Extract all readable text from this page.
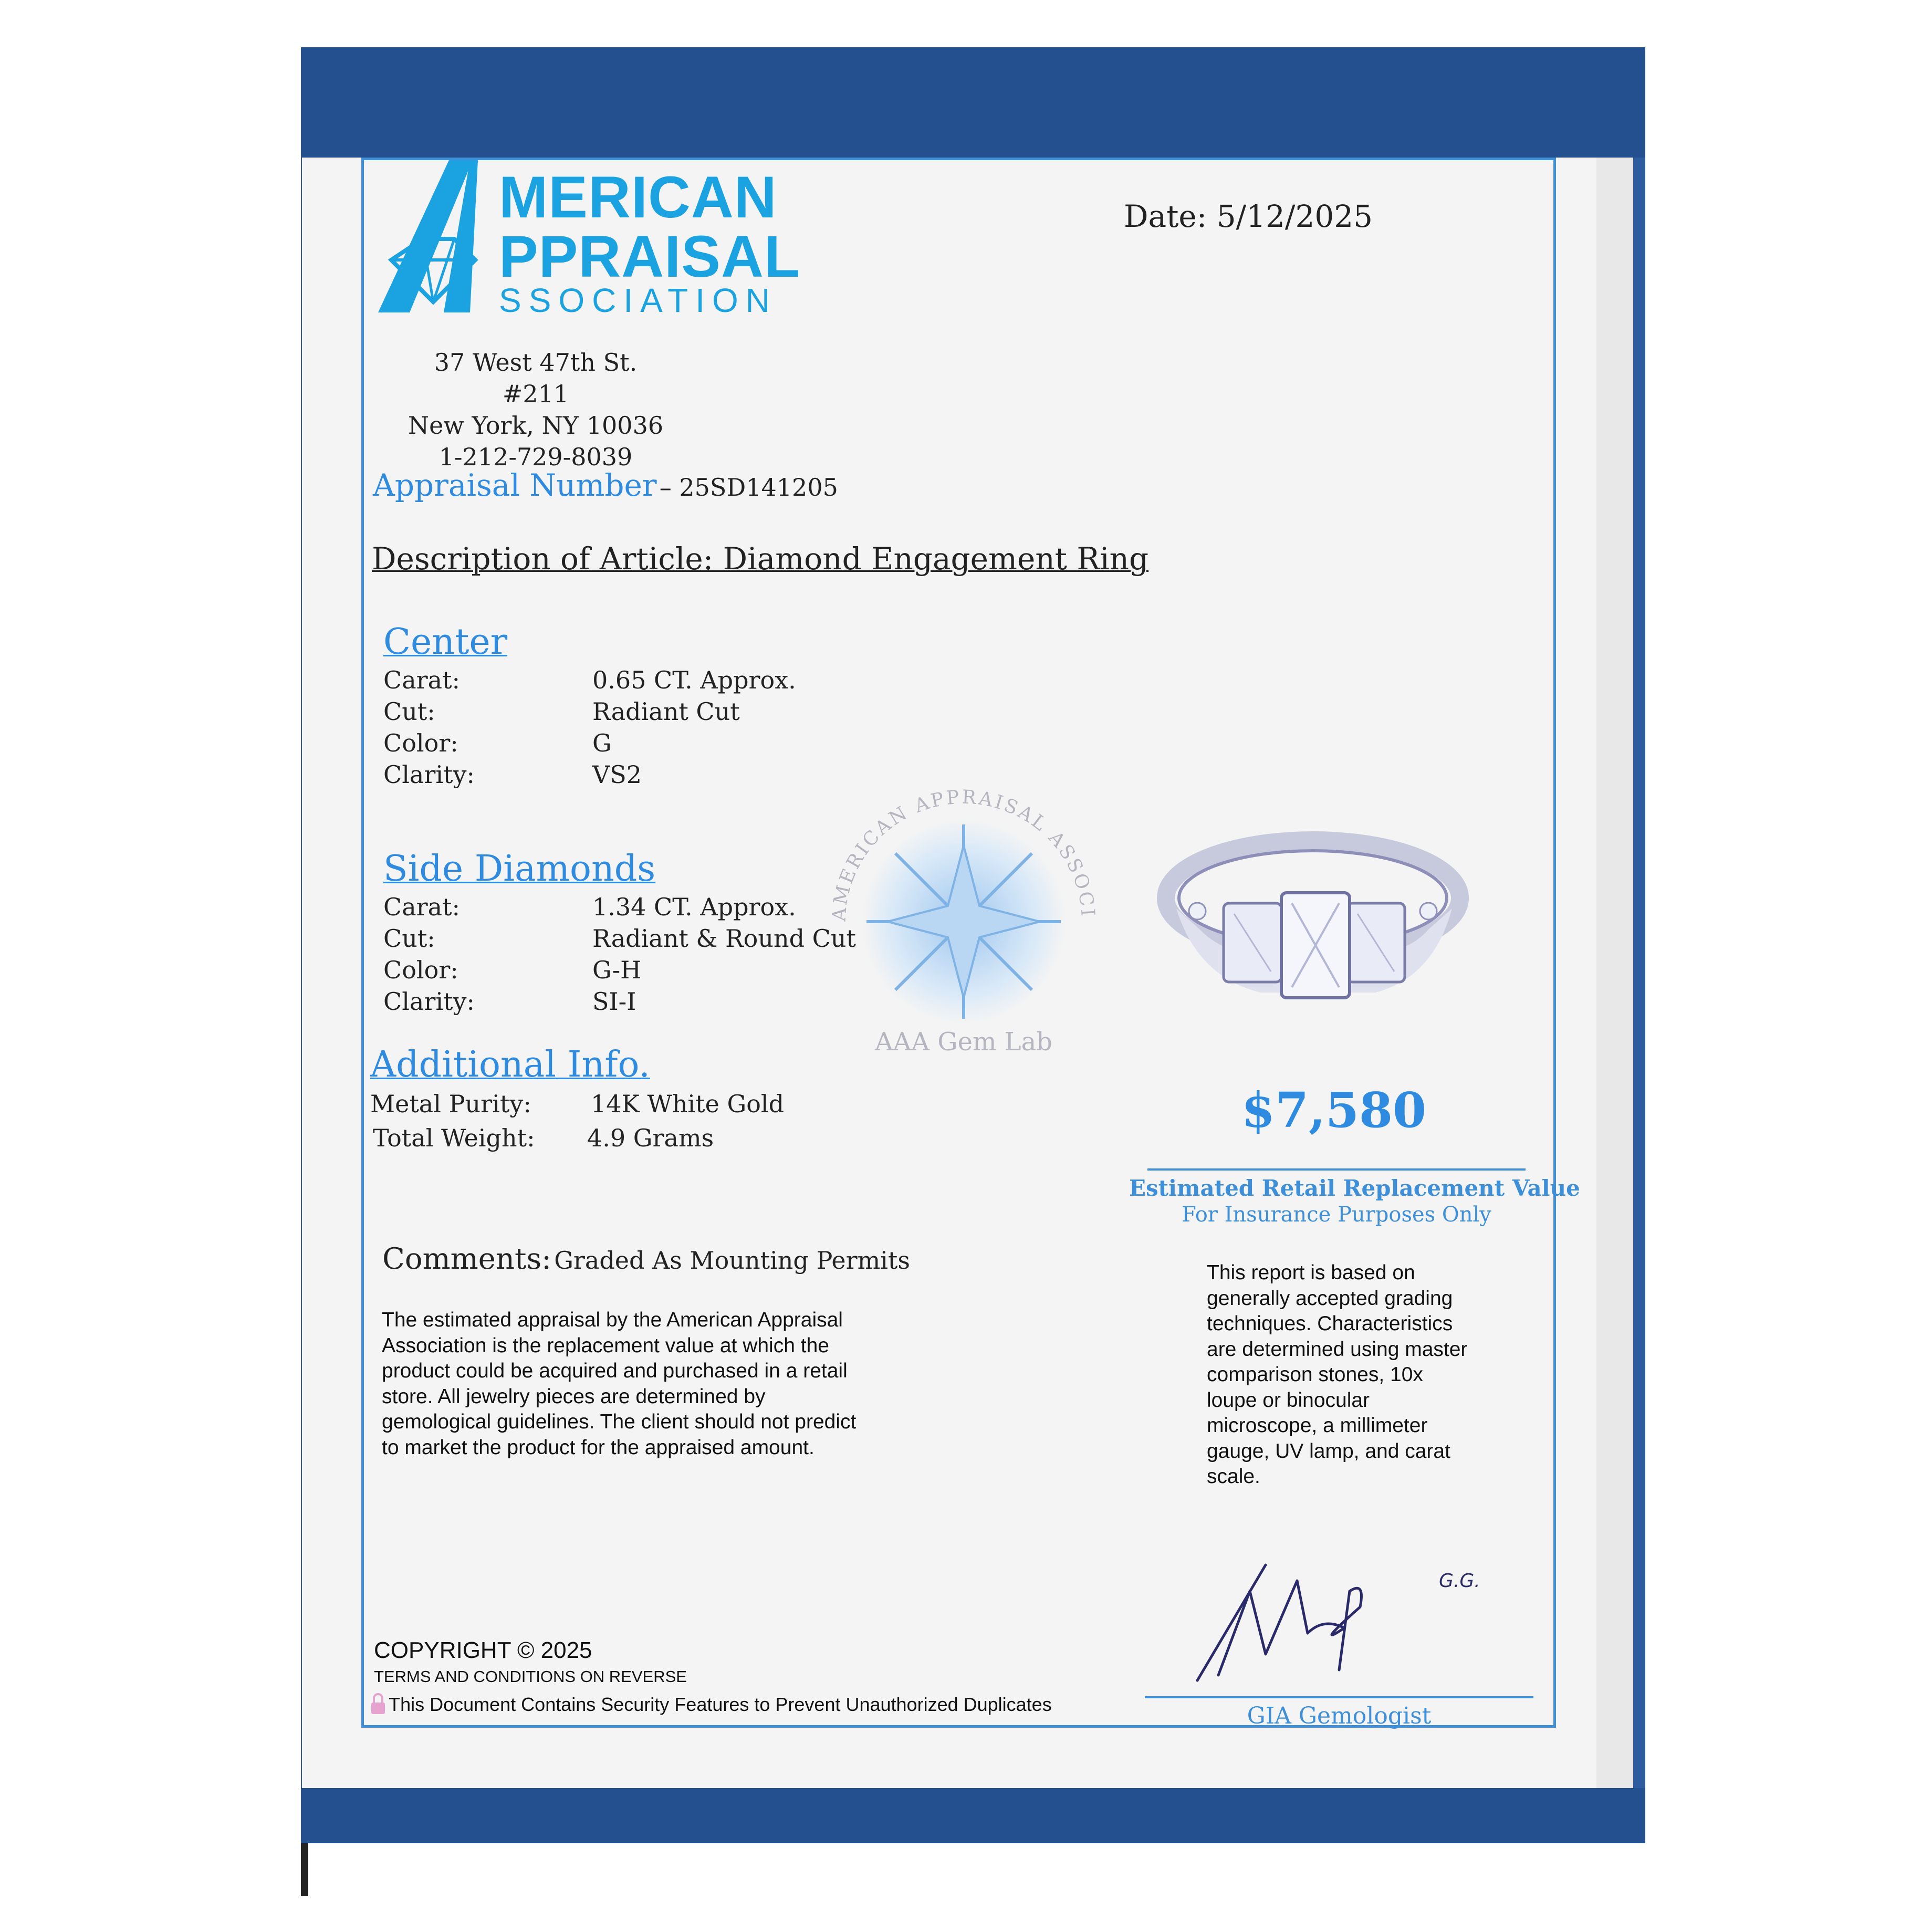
MERICAN
PPRAISAL
SSOCIATION
Date: 5/12/2025
37 West 47th St. #211
New York, NY 10036
1-212-729-8039
Appraisal Number – 25SD141205
Description of Article: Diamond Engagement Ring
Center
Carat:	0.65 CT. Approx.
Cut:	Radiant Cut
Color:	G
Clarity:	VS2
AMERICAN APPRAISAL ASSOCI
AAA Gem Lab
Side Diamonds
Carat:	1.34 CT. Approx.
Cut:	Radiant & Round Cut
Color:	G-H
Clarity:	SI-I
Additional Info.
Metal Purity: 14K White Gold
Total Weight: 4.9 Grams	$7,580
Estimated Retail Replacement Value
For Insurance Purposes Only
Comments: Graded As Mounting Permits
The estimated appraisal by the American Appraisal
Association is the replacement value at which the
product could be acquired and purchased in a retail
store. All jewelry pieces are determined by
gemological guidelines. The client should not predict
to market the product for the appraised amount.
This report is based on
generally accepted grading
techniques. Characteristics
are determined using master
comparison stones, 10x
loupe or binocular
microscope, a millimeter
gauge, UV lamp, and carat
scale.
G.G.
GIA Gemologist
COPYRIGHT © 2025
TERMS AND CONDITIONS ON REVERSE
This Document Contains Security Features to Prevent Unauthorized Duplicates
